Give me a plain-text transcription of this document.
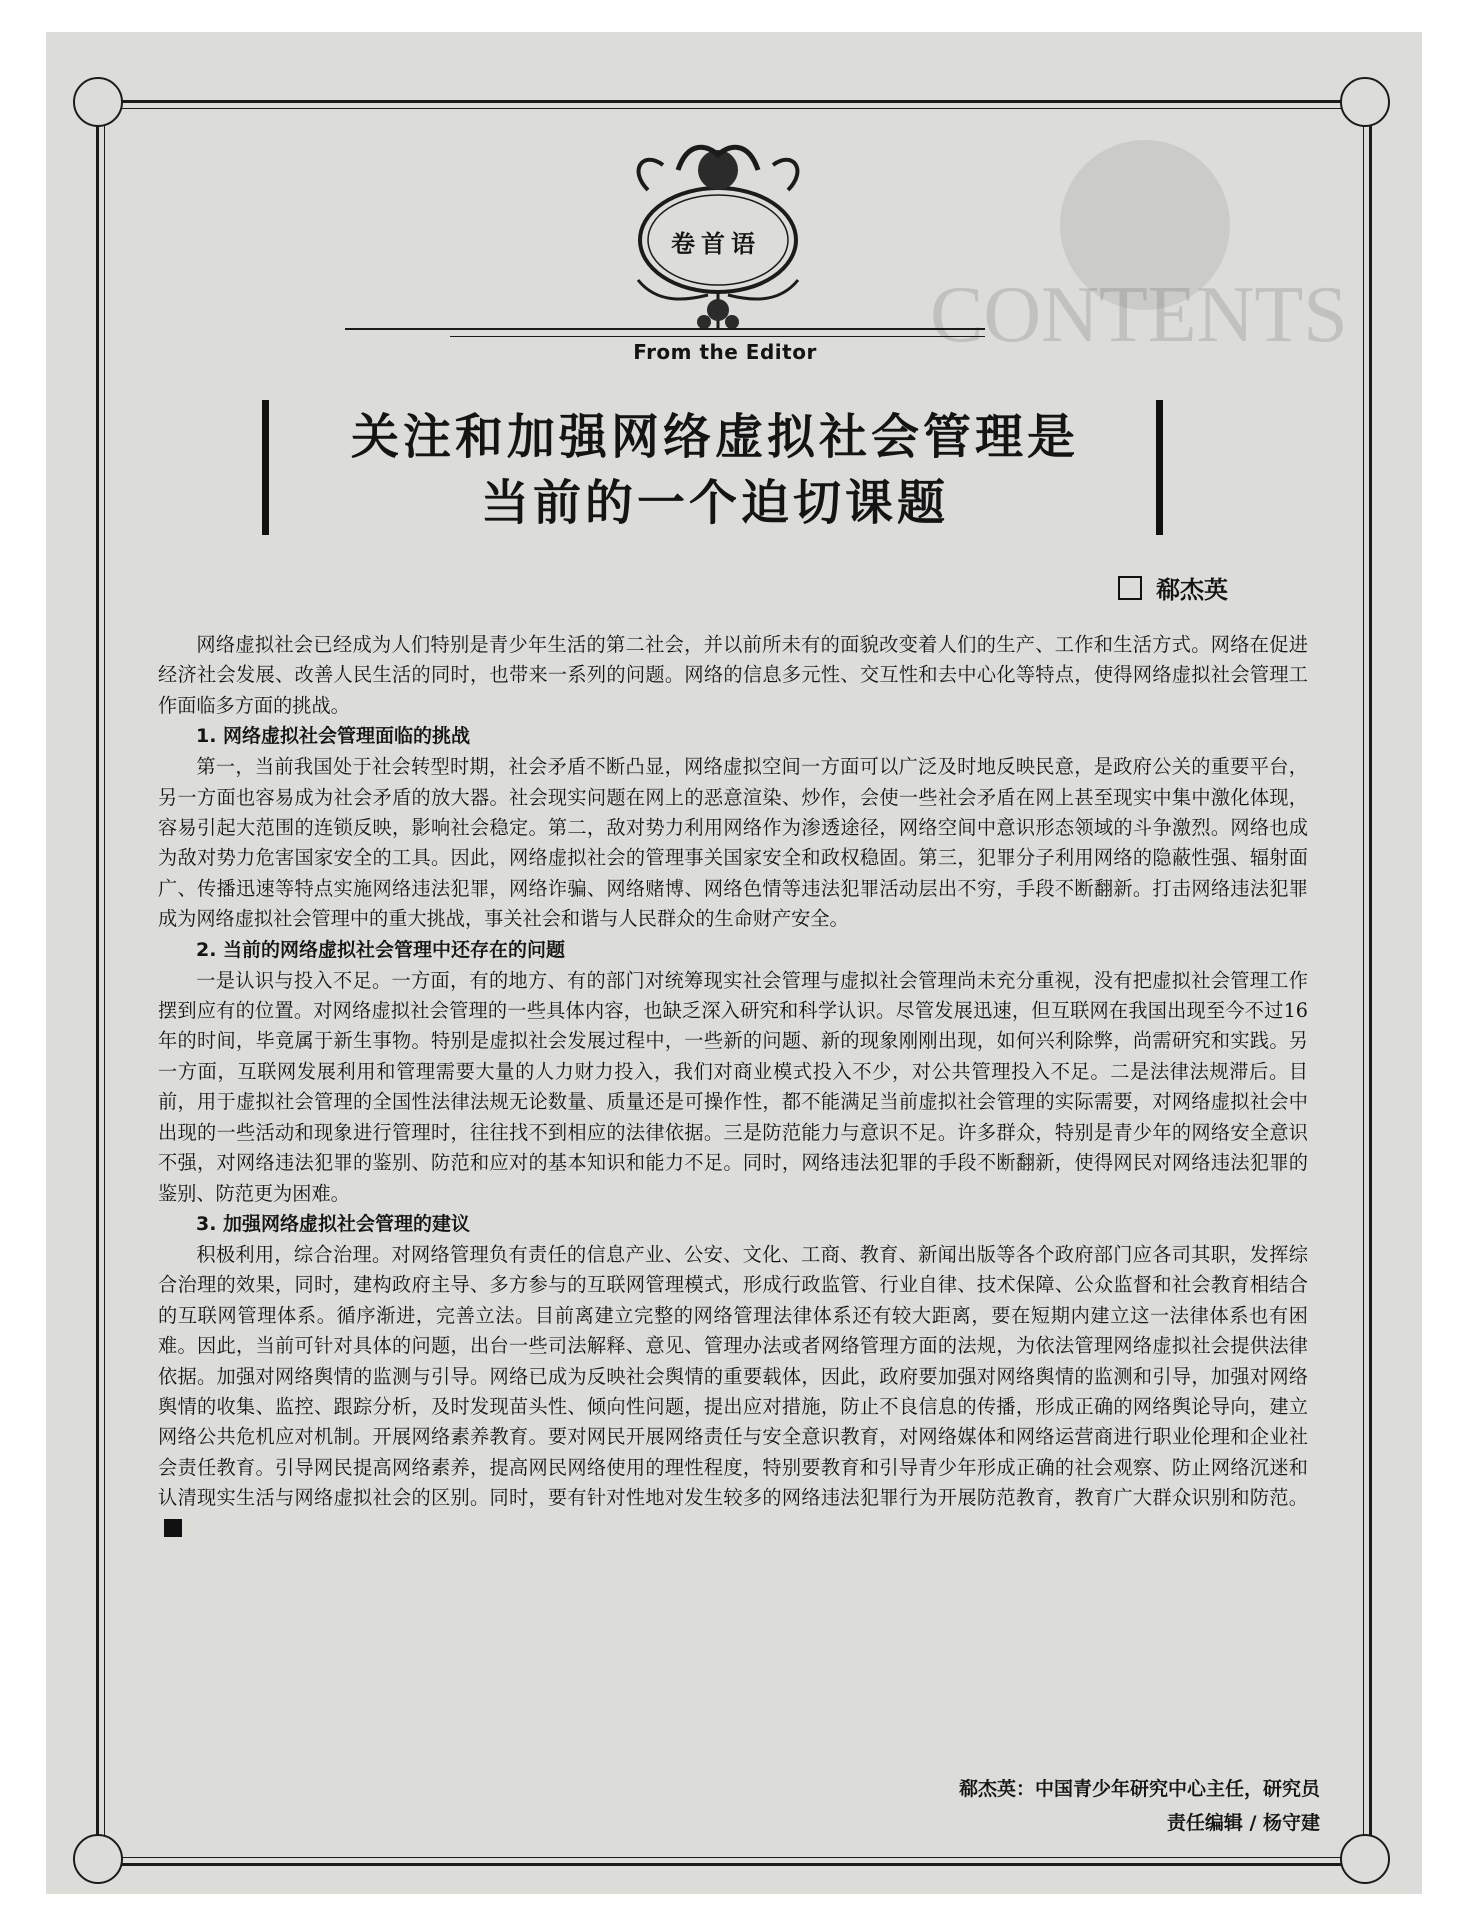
CONTENTS
卷首语
From the Editor
关注和加强网络虚拟社会管理是
当前的一个迫切课题
郗杰英

网络虚拟社会已经成为人们特别是青少年生活的第二社会，并以前所未有的面貌改变着人们的生产、工作和生活方式。网络在促进经济社会发展、改善人民生活的同时，也带来一系列的问题。网络的信息多元性、交互性和去中心化等特点，使得网络虚拟社会管理工作面临多方面的挑战。

1. 网络虚拟社会管理面临的挑战

第一，当前我国处于社会转型时期，社会矛盾不断凸显，网络虚拟空间一方面可以广泛及时地反映民意，是政府公关的重要平台，另一方面也容易成为社会矛盾的放大器。社会现实问题在网上的恶意渲染、炒作，会使一些社会矛盾在网上甚至现实中集中激化体现，容易引起大范围的连锁反映，影响社会稳定。第二，敌对势力利用网络作为渗透途径，网络空间中意识形态领域的斗争激烈。网络也成为敌对势力危害国家安全的工具。因此，网络虚拟社会的管理事关国家安全和政权稳固。第三，犯罪分子利用网络的隐蔽性强、辐射面广、传播迅速等特点实施网络违法犯罪，网络诈骗、网络赌博、网络色情等违法犯罪活动层出不穷，手段不断翻新。打击网络违法犯罪成为网络虚拟社会管理中的重大挑战，事关社会和谐与人民群众的生命财产安全。

2. 当前的网络虚拟社会管理中还存在的问题

一是认识与投入不足。一方面，有的地方、有的部门对统筹现实社会管理与虚拟社会管理尚未充分重视，没有把虚拟社会管理工作摆到应有的位置。对网络虚拟社会管理的一些具体内容，也缺乏深入研究和科学认识。尽管发展迅速，但互联网在我国出现至今不过16年的时间，毕竟属于新生事物。特别是虚拟社会发展过程中，一些新的问题、新的现象刚刚出现，如何兴利除弊，尚需研究和实践。另一方面，互联网发展利用和管理需要大量的人力财力投入，我们对商业模式投入不少，对公共管理投入不足。二是法律法规滞后。目前，用于虚拟社会管理的全国性法律法规无论数量、质量还是可操作性，都不能满足当前虚拟社会管理的实际需要，对网络虚拟社会中出现的一些活动和现象进行管理时，往往找不到相应的法律依据。三是防范能力与意识不足。许多群众，特别是青少年的网络安全意识不强，对网络违法犯罪的鉴别、防范和应对的基本知识和能力不足。同时，网络违法犯罪的手段不断翻新，使得网民对网络违法犯罪的鉴别、防范更为困难。

3. 加强网络虚拟社会管理的建议

积极利用，综合治理。对网络管理负有责任的信息产业、公安、文化、工商、教育、新闻出版等各个政府部门应各司其职，发挥综合治理的效果，同时，建构政府主导、多方参与的互联网管理模式，形成行政监管、行业自律、技术保障、公众监督和社会教育相结合的互联网管理体系。循序渐进，完善立法。目前离建立完整的网络管理法律体系还有较大距离，要在短期内建立这一法律体系也有困难。因此，当前可针对具体的问题，出台一些司法解释、意见、管理办法或者网络管理方面的法规，为依法管理网络虚拟社会提供法律依据。加强对网络舆情的监测与引导。网络已成为反映社会舆情的重要载体，因此，政府要加强对网络舆情的监测和引导，加强对网络舆情的收集、监控、跟踪分析，及时发现苗头性、倾向性问题，提出应对措施，防止不良信息的传播，形成正确的网络舆论导向，建立网络公共危机应对机制。开展网络素养教育。要对网民开展网络责任与安全意识教育，对网络媒体和网络运营商进行职业伦理和企业社会责任教育。引导网民提高网络素养，提高网民网络使用的理性程度，特别要教育和引导青少年形成正确的社会观察、防止网络沉迷和认清现实生活与网络虚拟社会的区别。同时，要有针对性地对发生较多的网络违法犯罪行为开展防范教育，教育广大群众识别和防范。

郗杰英：中国青少年研究中心主任，研究员
责任编辑 / 杨守建
